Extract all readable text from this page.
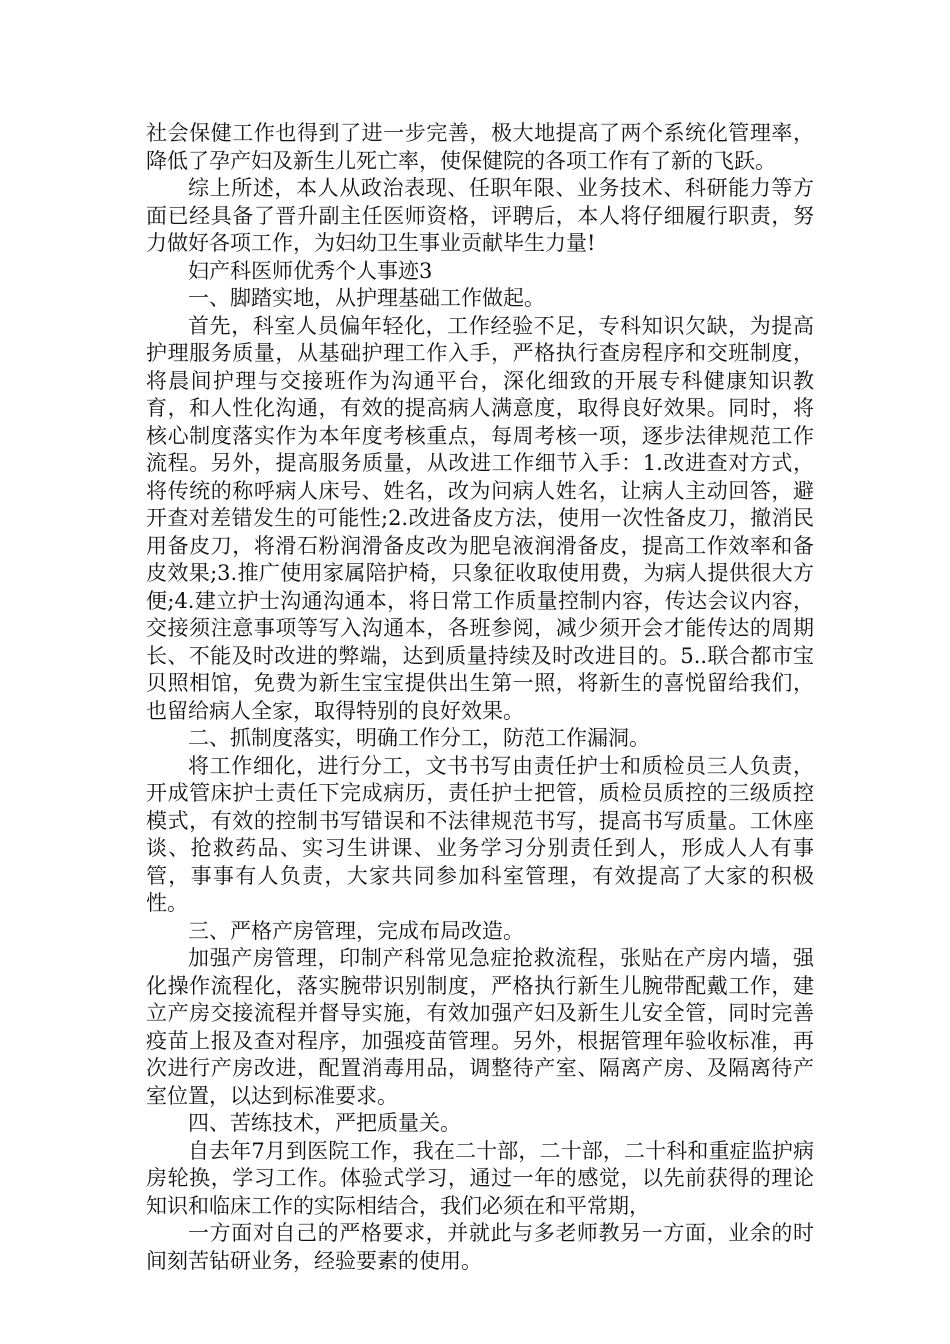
社会保健工作也得到了进一步完善，极大地提高了两个系统化管理率，降低了孕产妇及新生儿死亡率，使保健院的各项工作有了新的飞跃。

综上所述，本人从政治表现、任职年限、业务技术、科研能力等方面已经具备了晋升副主任医师资格，评聘后，本人将仔细履行职责，努力做好各项工作，为妇幼卫生事业贡献毕生力量!

妇产科医师优秀个人事迹3

一、脚踏实地，从护理基础工作做起。

首先，科室人员偏年轻化，工作经验不足，专科知识欠缺，为提高护理服务质量，从基础护理工作入手，严格执行查房程序和交班制度，将晨间护理与交接班作为沟通平台，深化细致的开展专科健康知识教育，和人性化沟通，有效的提高病人满意度，取得良好效果。同时，将核心制度落实作为本年度考核重点，每周考核一项，逐步法律规范工作流程。另外，提高服务质量，从改进工作细节入手：1.改进查对方式，将传统的称呼病人床号、姓名，改为问病人姓名，让病人主动回答，避开查对差错发生的可能性;2.改进备皮方法，使用一次性备皮刀，撤消民用备皮刀，将滑石粉润滑备皮改为肥皂液润滑备皮，提高工作效率和备皮效果;3.推广使用家属陪护椅，只象征收取使用费，为病人提供很大方便;4.建立护士沟通沟通本，将日常工作质量控制内容，传达会议内容，交接须注意事项等写入沟通本，各班参阅，减少须开会才能传达的周期长、不能及时改进的弊端，达到质量持续及时改进目的。5..联合都市宝贝照相馆，免费为新生宝宝提供出生第一照，将新生的喜悦留给我们，也留给病人全家，取得特别的良好效果。

二、抓制度落实，明确工作分工，防范工作漏洞。

将工作细化，进行分工，文书书写由责任护士和质检员三人负责，开成管床护士责任下完成病历，责任护士把管，质检员质控的三级质控模式，有效的控制书写错误和不法律规范书写，提高书写质量。工休座谈、抢救药品、实习生讲课、业务学习分别责任到人，形成人人有事管，事事有人负责，大家共同参加科室管理，有效提高了大家的积极性。

三、严格产房管理，完成布局改造。

加强产房管理，印制产科常见急症抢救流程，张贴在产房内墙，强化操作流程化，落实腕带识别制度，严格执行新生儿腕带配戴工作，建立产房交接流程并督导实施，有效加强产妇及新生儿安全管，同时完善疫苗上报及查对程序，加强疫苗管理。另外，根据管理年验收标准，再次进行产房改进，配置消毒用品，调整待产室、隔离产房、及隔离待产室位置，以达到标准要求。

四、苦练技术，严把质量关。

自去年7月到医院工作，我在二十部，二十部，二十科和重症监护病房轮换，学习工作。体验式学习，通过一年的感觉，以先前获得的理论知识和临床工作的实际相结合，我们必须在和平常期，

一方面对自己的严格要求，并就此与多老师教另一方面，业余的时间刻苦钻研业务，经验要素的使用。
